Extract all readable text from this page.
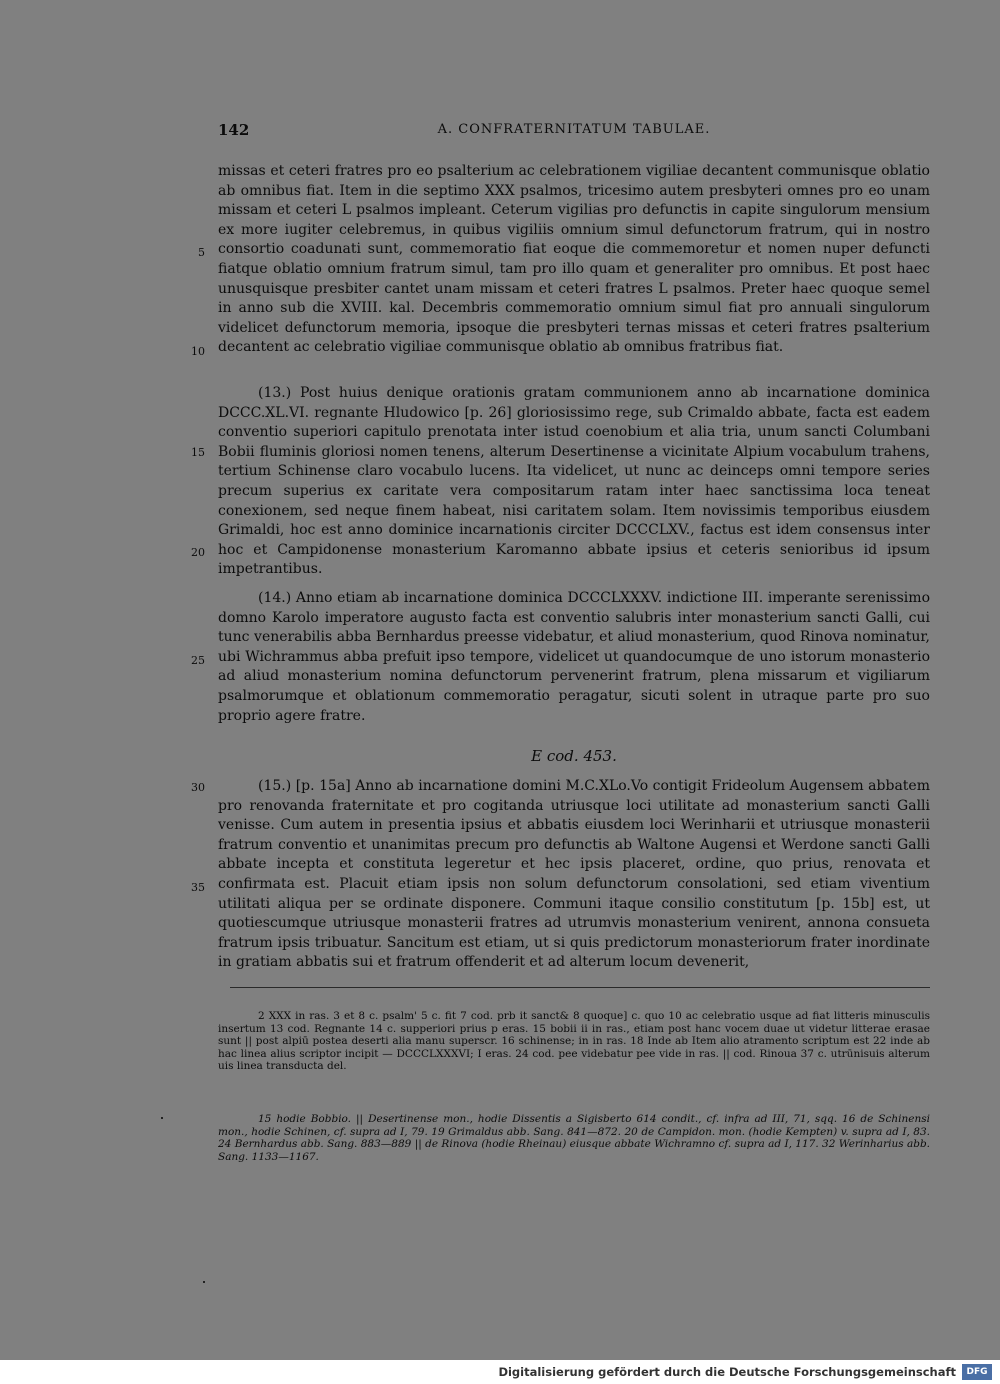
142	A. CONFRATERNITATUM TABULAE.

missas et ceteri fratres pro eo psalterium ac celebrationem vigiliae decantent communisque oblatio ab omnibus fiat. Item in die septimo XXX psalmos, tricesimo autem presbyteri omnes pro eo unam missam et ceteri L psalmos impleant. Ceterum vigilias pro defunctis in capite singulorum mensium ex more iugiter celebremus, in quibus vigiliis omnium simul defunctorum fratrum, qui in nostro consortio coadunati sunt, commemoratio fiat eoque die commemoretur et nomen nuper defuncti fiatque oblatio omnium fratrum simul, tam pro illo quam et generaliter pro omnibus. Et post haec unusquisque presbiter cantet unam missam et ceteri fratres L psalmos. Preter haec quoque semel in anno sub die XVIII. kal. Decembris commemoratio omnium simul fiat pro annuali singulorum videlicet defunctorum memoria, ipsoque die presbyteri ternas missas et ceteri fratres psalterium decantent ac celebratio vigiliae communisque oblatio ab omnibus fratribus fiat.

(13.) Post huius denique orationis gratam communionem anno ab incarnatione dominica DCCC.XL.VI. regnante Hludowico [p. 26] gloriosissimo rege, sub Crimaldo abbate, facta est eadem conventio superiori capitulo prenotata inter istud coenobium et alia tria, unum sancti Columbani Bobii fluminis gloriosi nomen tenens, alterum Desertinense a vicinitate Alpium vocabulum trahens, tertium Schinense claro vocabulo lucens. Ita videlicet, ut nunc ac deinceps omni tempore series precum superius ex caritate vera compositarum ratam inter haec sanctissima loca teneat conexionem, sed neque finem habeat, nisi caritatem solam. Item novissimis temporibus eiusdem Grimaldi, hoc est anno dominice incarnationis circiter DCCCLXV., factus est idem consensus inter hoc et Campidonense monasterium Karomanno abbate ipsius et ceteris senioribus id ipsum impetrantibus.

(14.) Anno etiam ab incarnatione dominica DCCCLXXXV. indictione III. imperante serenissimo domno Karolo imperatore augusto facta est conventio salubris inter monasterium sancti Galli, cui tunc venerabilis abba Bernhardus preesse videbatur, et aliud monasterium, quod Rinova nominatur, ubi Wichrammus abba prefuit ipso tempore, videlicet ut quandocumque de uno istorum monasterio ad aliud monasterium nomina defunctorum pervenerint fratrum, plena missarum et vigiliarum psalmorumque et oblationum commemoratio peragatur, sicuti solent in utraque parte pro suo proprio agere fratre.

E cod. 453.

(15.) [p. 15a] Anno ab incarnatione domini M.C.XLo.Vo contigit Frideolum Augensem abbatem pro renovanda fraternitate et pro cogitanda utriusque loci utilitate ad monasterium sancti Galli venisse. Cum autem in presentia ipsius et abbatis eiusdem loci Werinharii et utriusque monasterii fratrum conventio et unanimitas precum pro defunctis ab Waltone Augensi et Werdone sancti Galli abbate incepta et constituta legeretur et hec ipsis placeret, ordine, quo prius, renovata et confirmata est. Placuit etiam ipsis non solum defunctorum consolationi, sed etiam viventium utilitati aliqua per se ordinate disponere. Communi itaque consilio constitutum [p. 15b] est, ut quotiescumque utriusque monasterii fratres ad utrumvis monasterium venirent, annona consueta fratrum ipsis tribuatur. Sancitum est etiam, ut si quis predictorum monasteriorum frater inordinate in gratiam abbatis sui et fratrum offenderit et ad alterum locum devenerit,

5
10
15
20
25
30
35

2 XXX in ras. 3 et 8 c. psalm' 5 c. fit 7 cod. prb it sanct& 8 quoque] c. quo 10 ac celebratio usque ad fiat litteris minusculis insertum 13 cod. Regnante 14 c. supperiori prius p eras. 15 bobii ii in ras., etiam post hanc vocem duae ut videtur litterae erasae sunt || post alpiū postea deserti alia manu superscr. 16 schinense; in in ras. 18 Inde ab Item alio atramento scriptum est 22 inde ab hac linea alius scriptor incipit — DCCCLXXXVI; I eras. 24 cod. pee videbatur pee vide in ras. || cod. Rinoua 37 c. utrūnisuis alterum uis linea transducta del.

15 hodie Bobbio. || Desertinense mon., hodie Dissentis a Sigisberto 614 condit., cf. infra ad III, 71, sqq. 16 de Schinensi mon., hodie Schinen, cf. supra ad I, 79. 19 Grimaldus abb. Sang. 841—872. 20 de Campidon. mon. (hodie Kempten) v. supra ad I, 83. 24 Bernhardus abb. Sang. 883—889 || de Rinova (hodie Rheinau) eiusque abbate Wichramno cf. supra ad I, 117. 32 Werinharius abb. Sang. 1133—1167.

Digitalisierung gefördert durch die Deutsche Forschungsgemeinschaft	DFG
